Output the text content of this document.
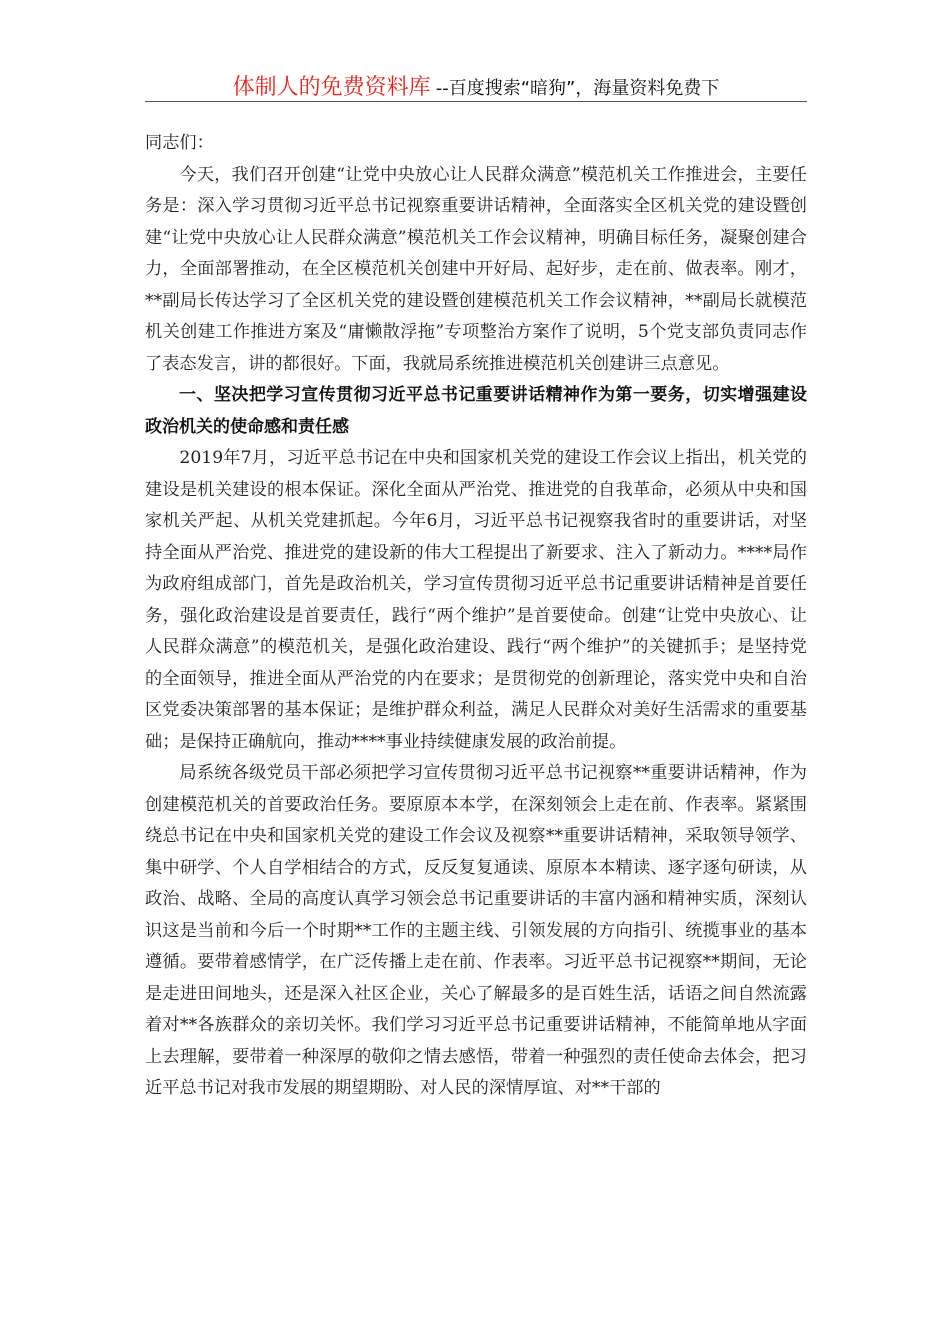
体制人的免费资料库 --百度搜索“暗狗”，海量资料免费下

同志们：

今天，我们召开创建“让党中央放心让人民群众满意”模范机关工作推进会，主要任务是：深入学习贯彻习近平总书记视察重要讲话精神，全面落实全区机关党的建设暨创建“让党中央放心让人民群众满意”模范机关工作会议精神，明确目标任务，凝聚创建合力，全面部署推动，在全区模范机关创建中开好局、起好步，走在前、做表率。刚才，**副局长传达学习了全区机关党的建设暨创建模范机关工作会议精神，**副局长就模范机关创建工作推进方案及“庸懒散浮拖”专项整治方案作了说明，5个党支部负责同志作了表态发言，讲的都很好。下面，我就局系统推进模范机关创建讲三点意见。

一、坚决把学习宣传贯彻习近平总书记重要讲话精神作为第一要务，切实增强建设政治机关的使命感和责任感

2019年7月，习近平总书记在中央和国家机关党的建设工作会议上指出，机关党的建设是机关建设的根本保证。深化全面从严治党、推进党的自我革命，必须从中央和国家机关严起、从机关党建抓起。今年6月，习近平总书记视察我省时的重要讲话，对坚持全面从严治党、推进党的建设新的伟大工程提出了新要求、注入了新动力。****局作为政府组成部门，首先是政治机关，学习宣传贯彻习近平总书记重要讲话精神是首要任务，强化政治建设是首要责任，践行“两个维护”是首要使命。创建“让党中央放心、让人民群众满意”的模范机关，是强化政治建设、践行“两个维护”的关键抓手；是坚持党的全面领导，推进全面从严治党的内在要求；是贯彻党的创新理论，落实党中央和自治区党委决策部署的基本保证；是维护群众利益，满足人民群众对美好生活需求的重要基础；是保持正确航向，推动****事业持续健康发展的政治前提。

局系统各级党员干部必须把学习宣传贯彻习近平总书记视察**重要讲话精神，作为创建模范机关的首要政治任务。要原原本本学，在深刻领会上走在前、作表率。紧紧围绕总书记在中央和国家机关党的建设工作会议及视察**重要讲话精神，采取领导领学、集中研学、个人自学相结合的方式，反反复复通读、原原本本精读、逐字逐句研读，从政治、战略、全局的高度认真学习领会总书记重要讲话的丰富内涵和精神实质，深刻认识这是当前和今后一个时期**工作的主题主线、引领发展的方向指引、统揽事业的基本遵循。要带着感情学，在广泛传播上走在前、作表率。习近平总书记视察**期间，无论是走进田间地头，还是深入社区企业，关心了解最多的是百姓生活，话语之间自然流露着对**各族群众的亲切关怀。我们学习习近平总书记重要讲话精神，不能简单地从字面上去理解，要带着一种深厚的敬仰之情去感悟，带着一种强烈的责任使命去体会，把习近平总书记对我市发展的期望期盼、对人民的深情厚谊、对**干部的
